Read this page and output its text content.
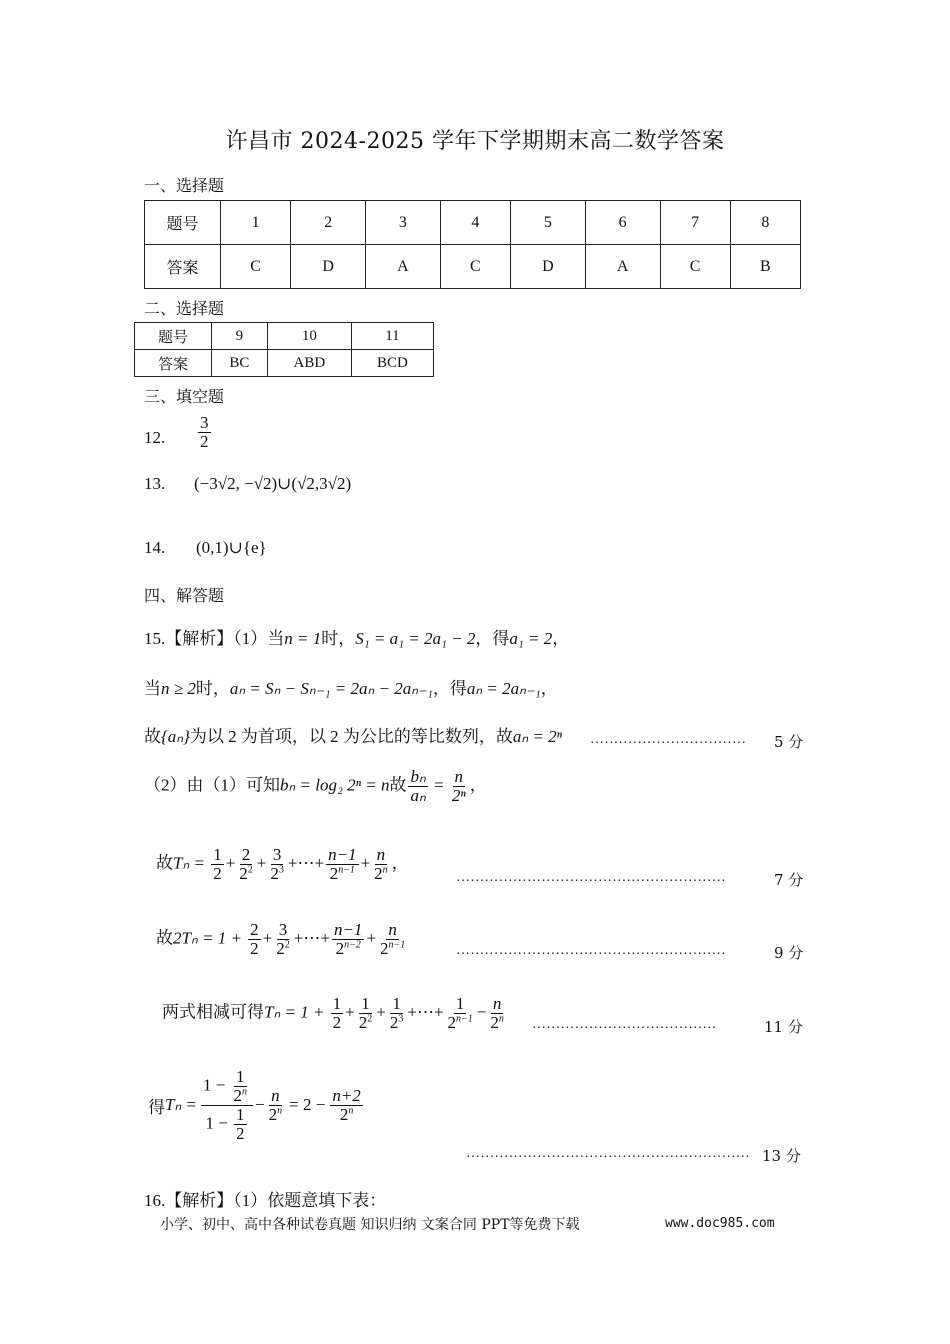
许昌市 2024-2025 学年下学期期末高二数学答案
一、选择题
题号	1	2	3	4	5	6	7	8
答案	C	D	A	C	D	A	C	B
二、选择题
题号	9	10	11
答案	BC	ABD	BCD
三、填空题
12. $\frac{3}{2}$
13. (−3√2, −√2)∪(√2,3√2)
14. (0,1)∪{e}
四、解答题
15.【解析】（1）当n = 1时，S₁ = a₁ = 2a₁ − 2，得a₁ = 2，
当n ≥ 2时，aₙ = Sₙ − Sₙ₋₁ = 2aₙ − 2aₙ₋₁，得aₙ = 2aₙ₋₁，
故{aₙ}为以 2 为首项，以 2 为公比的等比数列，故aₙ = 2ⁿ …………………………… 5 分
（2）由（1）可知bₙ = log₂ 2ⁿ = n故 $\frac{\text{bₙ}}{\text{aₙ}} = \frac{n}{\text{2ⁿ}}$ ，
故$T_n = \frac{1}{2} + \frac{2}{2^2} + \frac{3}{2^3}$ +⋯+ $\frac{n-1}{2^{n-1}} + \frac{n}{2^n}$ ，
…………………………………………………	7 分
故$2T_n = 1 + \frac{2}{2} + \frac{3}{2^2}$ +⋯+ $\frac{n-1}{2^{n-2}} + \frac{n}{2^{n-1}}$	…………………………………………………	9 分
两式相减可得$T_n = 1 + \frac{1}{2} + \frac{1}{2^2} + \frac{1}{2^3}$ +⋯+ $\frac{1}{2^{n-1}} - \frac{n}{2^n}$ …………………………………	11 分
得 $T_n = \frac{1 - \frac{1}{2^n}}{1 - \frac{1}{2}} - \frac{n}{2^n} = 2 - \frac{n+2}{2^n}$
…………………………………………………… 13 分
16.【解析】（1）依题意填下表：
小学、初中、高中各种试卷真题 知识归纳 文案合同 PPT等免费下载	www.doc985.com
